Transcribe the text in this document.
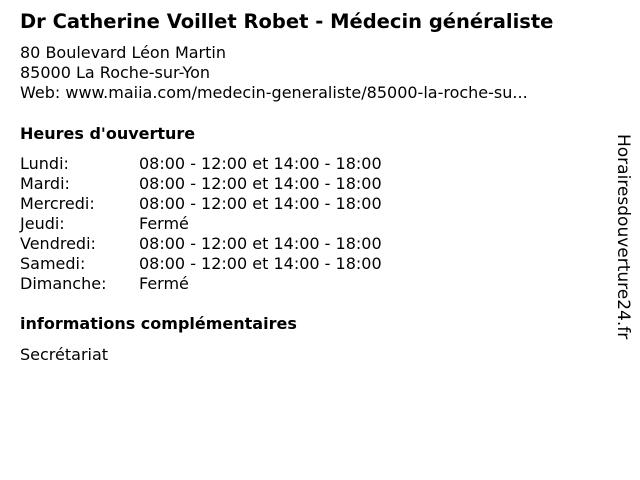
Dr Catherine Voillet Robet - Médecin généraliste
80 Boulevard Léon Martin
85000 La Roche-sur-Yon
Web: www.maiia.com/medecin-generaliste/85000-la-roche-su...
Heures d'ouverture
Lundi:	08:00 - 12:00 et 14:00 - 18:00
Mardi:	08:00 - 12:00 et 14:00 - 18:00
Mercredi:	08:00 - 12:00 et 14:00 - 18:00
Jeudi:	Fermé
Vendredi:	08:00 - 12:00 et 14:00 - 18:00
Samedi:	08:00 - 12:00 et 14:00 - 18:00
Dimanche: Fermé
informations complémentaires
Secrétariat
Horairesdouverture24.fr
